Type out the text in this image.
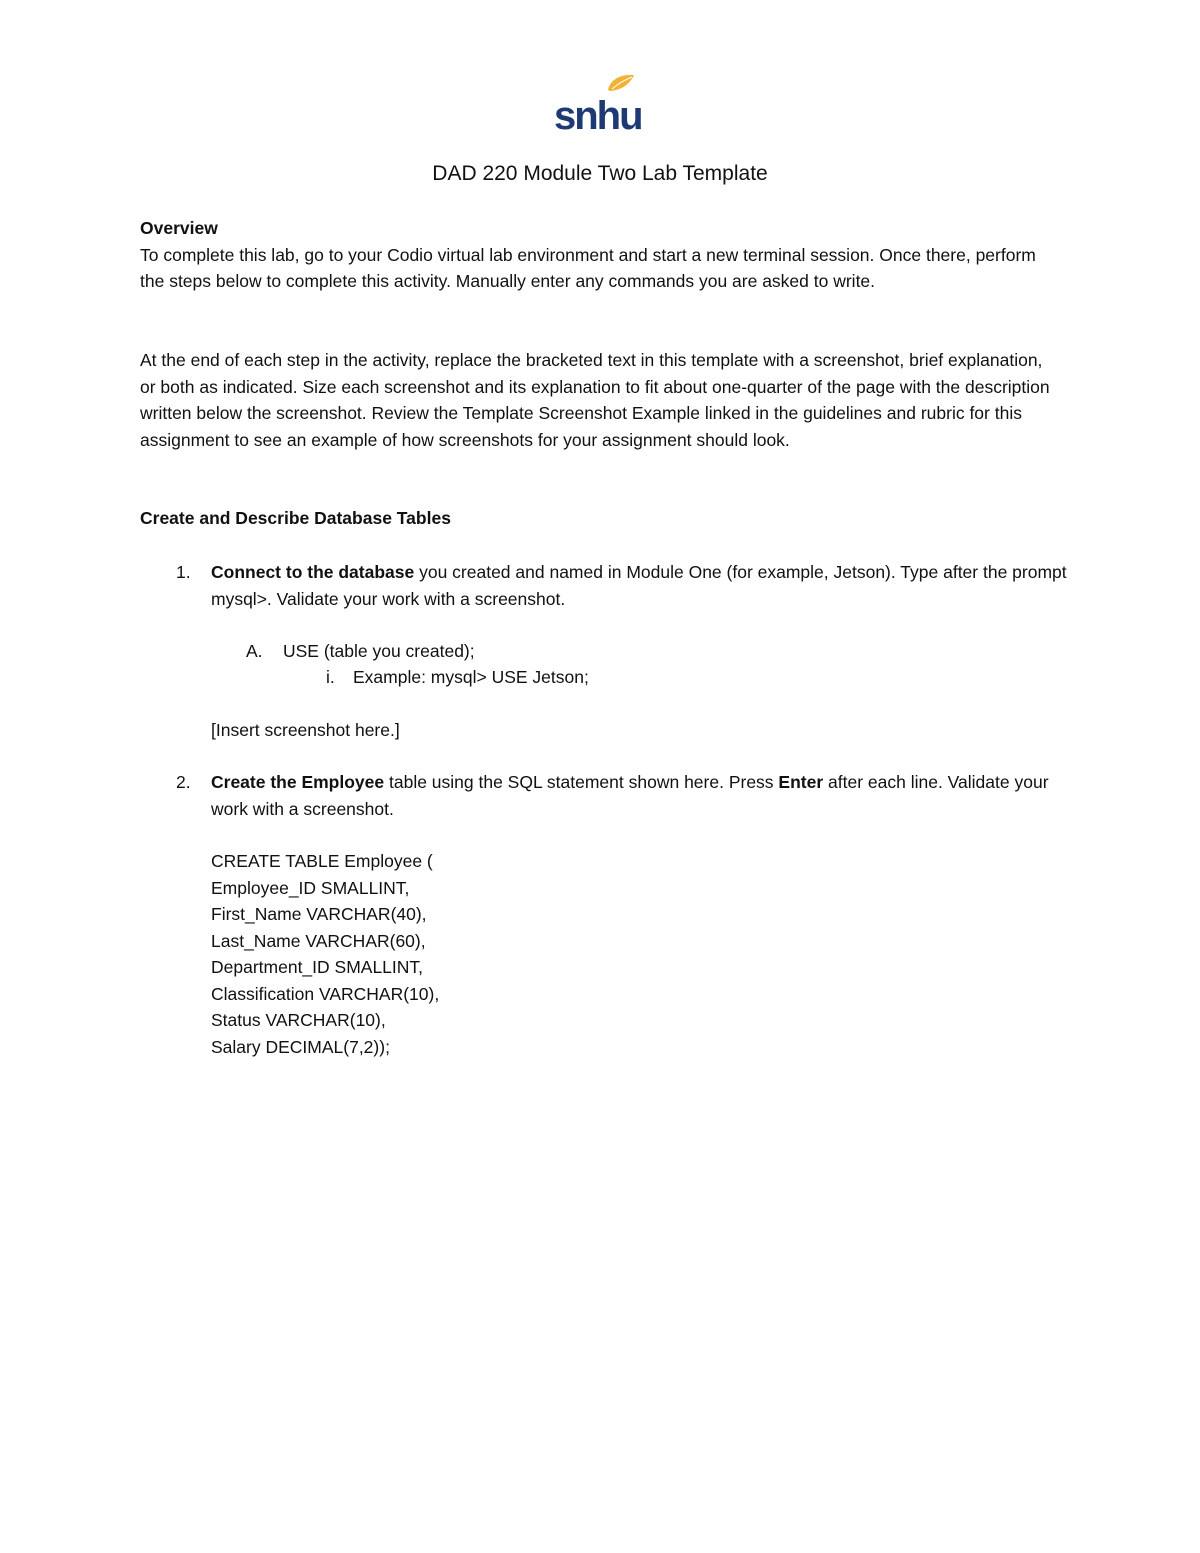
snhu
DAD 220 Module Two Lab Template
Overview
To complete this lab, go to your Codio virtual lab environment and start a new terminal session. Once there, perform the steps below to complete this activity. Manually enter any commands you are asked to write.
At the end of each step in the activity, replace the bracketed text in this template with a screenshot, brief explanation, or both as indicated. Size each screenshot and its explanation to fit about one-quarter of the page with the description written below the screenshot. Review the Template Screenshot Example linked in the guidelines and rubric for this assignment to see an example of how screenshots for your assignment should look.
Create and Describe Database Tables
1. Connect to the database you created and named in Module One (for example, Jetson). Type after the prompt mysql>. Validate your work with a screenshot.
A. USE (table you created);
i. Example: mysql> USE Jetson;
[Insert screenshot here.]
2. Create the Employee table using the SQL statement shown here. Press Enter after each line. Validate your work with a screenshot.
CREATE TABLE Employee (
Employee_ID SMALLINT,
First_Name VARCHAR(40),
Last_Name VARCHAR(60),
Department_ID SMALLINT,
Classification VARCHAR(10),
Status VARCHAR(10),
Salary DECIMAL(7,2));
